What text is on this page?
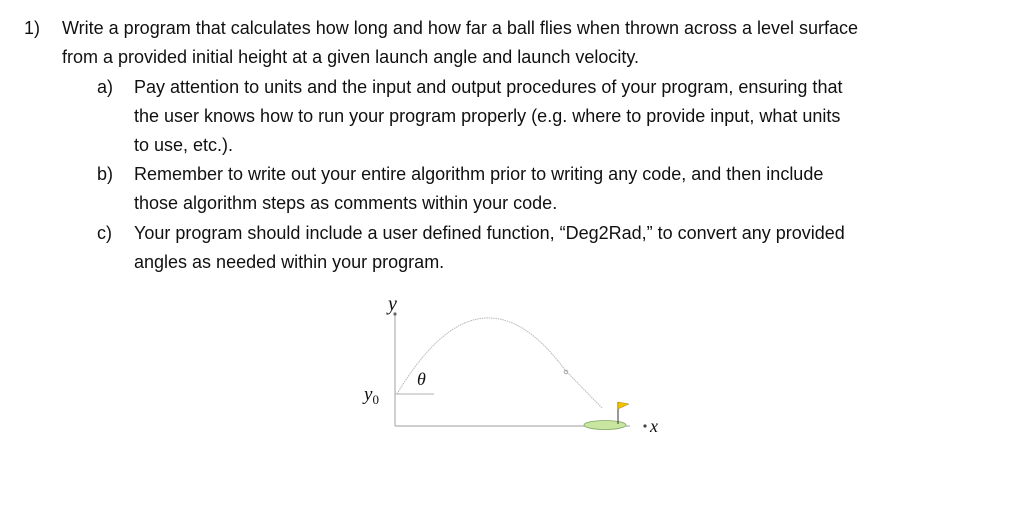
1) Write a program that calculates how long and how far a ball flies when thrown across a level surface
from a provided initial height at a given launch angle and launch velocity.
a) Pay attention to units and the input and output procedures of your program, ensuring that
the user knows how to run your program properly (e.g. where to provide input, what units
to use, etc.).
b) Remember to write out your entire algorithm prior to writing any code, and then include
those algorithm steps as comments within your code.
c) Your program should include a user defined function, “Deg2Rad,” to convert any provided
angles as needed within your program.
y
x
θ
$y_0$
